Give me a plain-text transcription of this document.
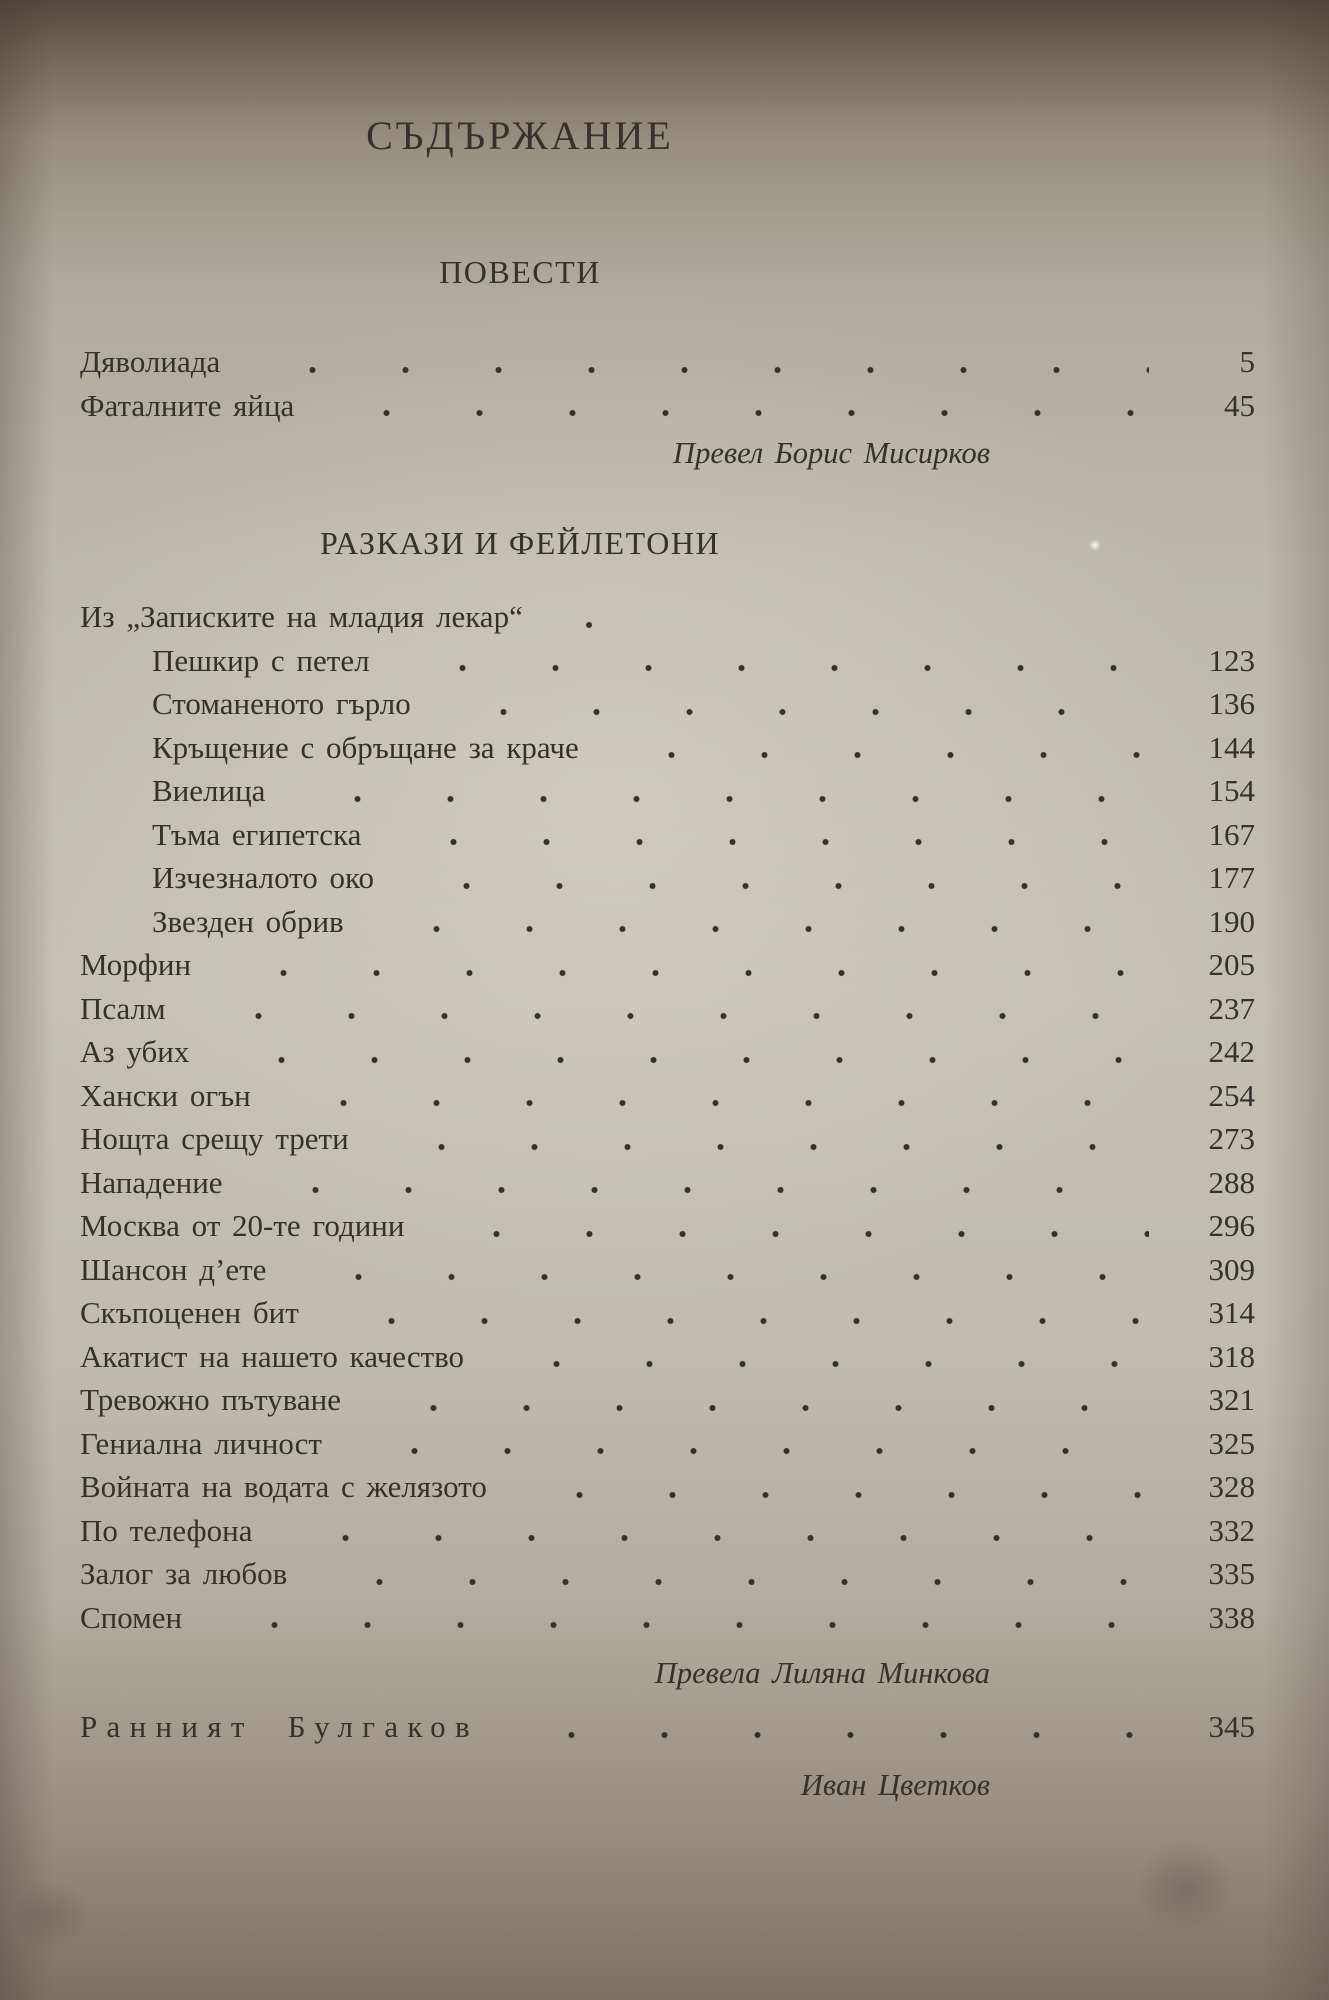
СЪДЪРЖАНИЕ
ПОВЕСТИ
Дяволиада	5
Фаталните яйца	45
Превел Борис Мисирков
РАЗКАЗИ И ФЕЙЛЕТОНИ
Из „Записките на младия лекар“
Пешкир с петел	123
Стоманеното гърло	136
Кръщение с обръщане за краче	144
Виелица	154
Тъма египетска	167
Изчезналото око	177
Звезден обрив	190
Морфин	205
Псалм	237
Аз убих	242
Хански огън	254
Нощта срещу трети	273
Нападение	288
Москва от 20-те години	296
Шансон д’ете	309
Скъпоценен бит	314
Акатист на нашето качество	318
Тревожно пътуване	321
Гениална личност	325
Войната на водата с желязото	328
По телефона	332
Залог за любов	335
Спомен	338
Превела Лиляна Минкова
Ранният Булгаков	345
Иван Цветков
